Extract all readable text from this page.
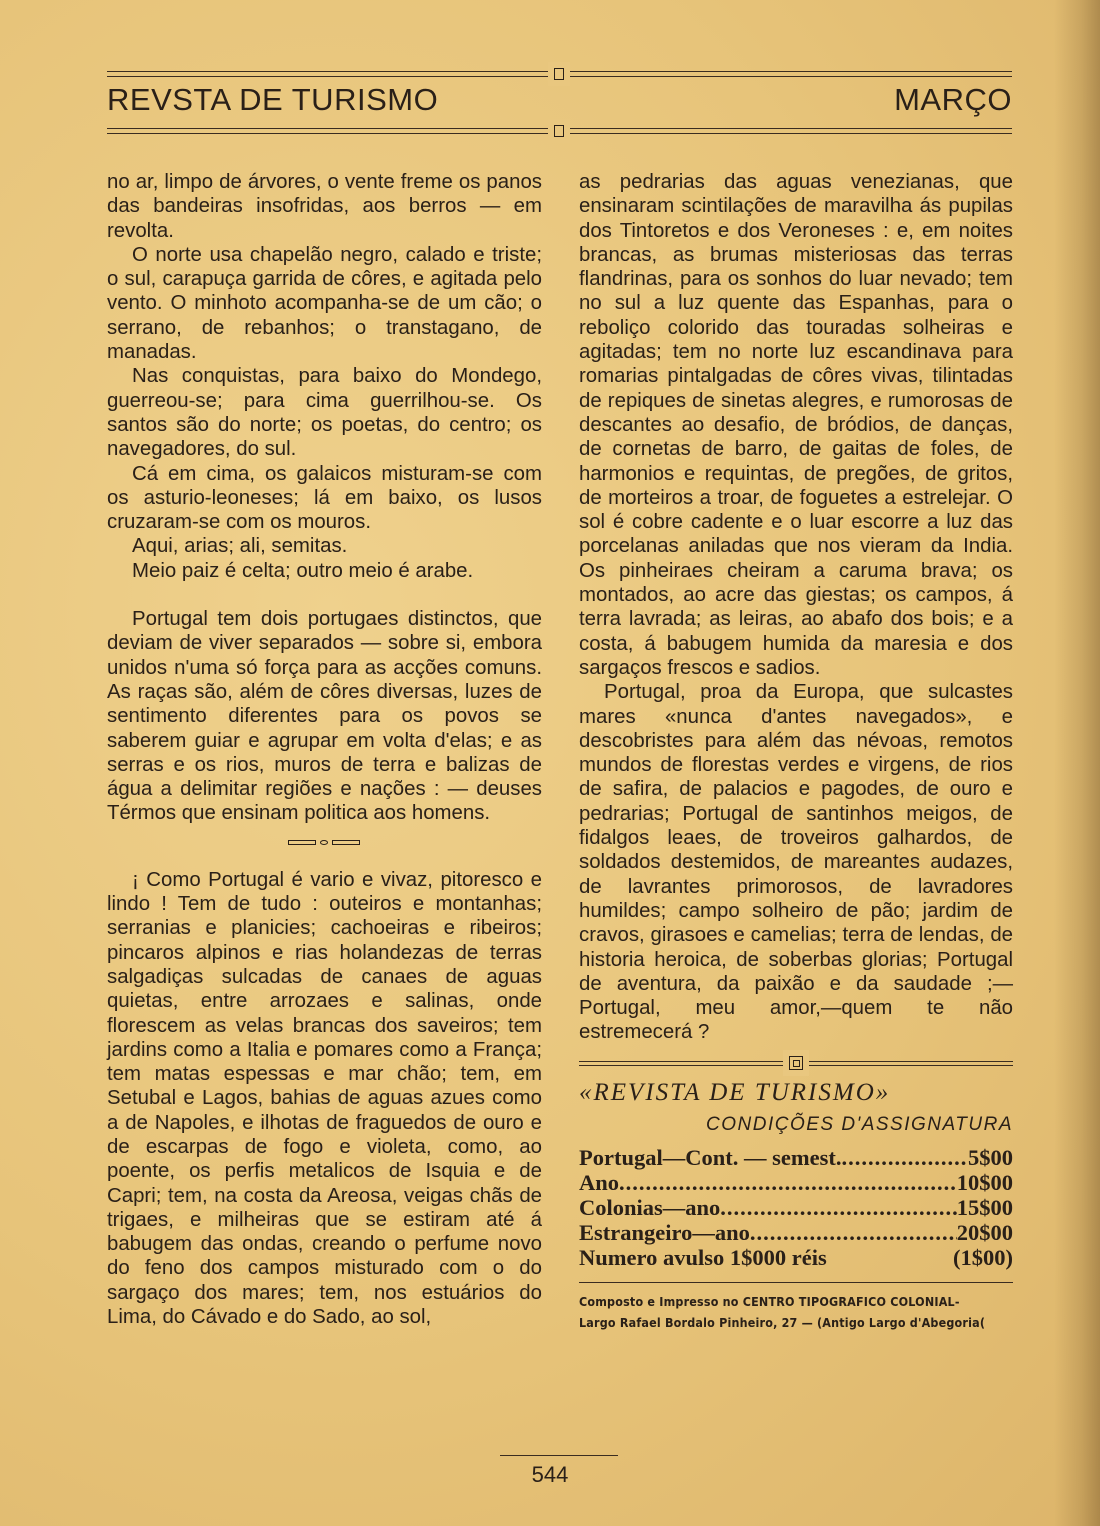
REVSTA DE TURISMO	MARÇO

no ar, limpo de árvores, o vente freme os panos das bandeiras insofridas, aos berros — em revolta.

O norte usa chapelão negro, calado e triste; o sul, carapuça garrida de côres, e agitada pelo vento. O minhoto acompanha-se de um cão; o serrano, de rebanhos; o transtagano, de manadas.

Nas conquistas, para baixo do Mondego, guerreou-se; para cima guerrilhou-se. Os santos são do norte; os poetas, do centro; os navegadores, do sul.

Cá em cima, os galaicos misturam-se com os asturio-leoneses; lá em baixo, os lusos cruzaram-se com os mouros.

Aqui, arias; ali, semitas.

Meio paiz é celta; outro meio é arabe.

Portugal tem dois portugaes distinctos, que deviam de viver separados — sobre si, embora unidos n'uma só força para as acções comuns. As raças são, além de côres diversas, luzes de sentimento diferentes para os povos se saberem guiar e agrupar em volta d'elas; e as serras e os rios, muros de terra e balizas de água a delimitar regiões e nações : — deuses Térmos que ensinam politica aos homens.

¡ Como Portugal é vario e vivaz, pitoresco e lindo ! Tem de tudo : outeiros e montanhas; serranias e planicies; cachoeiras e ribeiros; pincaros alpinos e rias holandezas de terras salgadiças sulcadas de canaes de aguas quietas, entre arrozaes e salinas, onde florescem as velas brancas dos saveiros; tem jardins como a Italia e pomares como a França; tem matas espessas e mar chão; tem, em Setubal e Lagos, bahias de aguas azues como a de Napoles, e ilhotas de fraguedos de ouro e de escarpas de fogo e violeta, como, ao poente, os perfis metalicos de Isquia e de Capri; tem, na costa da Areosa, veigas chãs de trigaes, e milheiras que se estiram até á babugem das ondas, creando o perfume novo do feno dos campos misturado com o do sargaço dos mares; tem, nos estuários do Lima, do Cávado e do Sado, ao sol,

as pedrarias das aguas venezianas, que ensinaram scintilações de maravilha ás pupilas dos Tintoretos e dos Veroneses : e, em noites brancas, as brumas misteriosas das terras flandrinas, para os sonhos do luar nevado; tem no sul a luz quente das Espanhas, para o reboliço colorido das touradas solheiras e agitadas; tem no norte luz escandinava para romarias pintalgadas de côres vivas, tilintadas de repiques de sinetas alegres, e rumorosas de descantes ao desafio, de bródios, de danças, de cornetas de barro, de gaitas de foles, de harmonios e requintas, de pregões, de gritos, de morteiros a troar, de foguetes a estrelejar. O sol é cobre cadente e o luar escorre a luz das porcelanas aniladas que nos vieram da India. Os pinheiraes cheiram a caruma brava; os montados, ao acre das giestas; os campos, á terra lavrada; as leiras, ao abafo dos bois; e a costa, á babugem humida da maresia e dos sargaços frescos e sadios.

Portugal, proa da Europa, que sulcastes mares «nunca d'antes navegados», e descobristes para além das névoas, remotos mundos de florestas verdes e virgens, de rios de safira, de palacios e pagodes, de ouro e pedrarias; Portugal de santinhos meigos, de fidalgos leaes, de troveiros galhardos, de soldados destemidos, de mareantes audazes, de lavrantes primorosos, de lavradores humildes; campo solheiro de pão; jardim de cravos, girasoes e camelias; terra de lendas, de historia heroica, de soberbas glorias; Portugal de aventura, da paixão e da saudade ;—Portugal, meu amor,—quem te não estremecerá ?

«REVISTA DE TURISMO»
CONDIÇÕES D'ASSIGNATURA
Portugal—Cont. — semest. .....	5$00
Ano .....	10$00
Colonias—ano .....	15$00
Estrangeiro—ano .....	20$00
Numero avulso 1$000 réis	(1$00)
Composto e Impresso no CENTRO TIPOGRAFICO COLONIAL-
Largo Rafael Bordalo Pinheiro, 27 — (Antigo Largo d'Abegoria(
544
